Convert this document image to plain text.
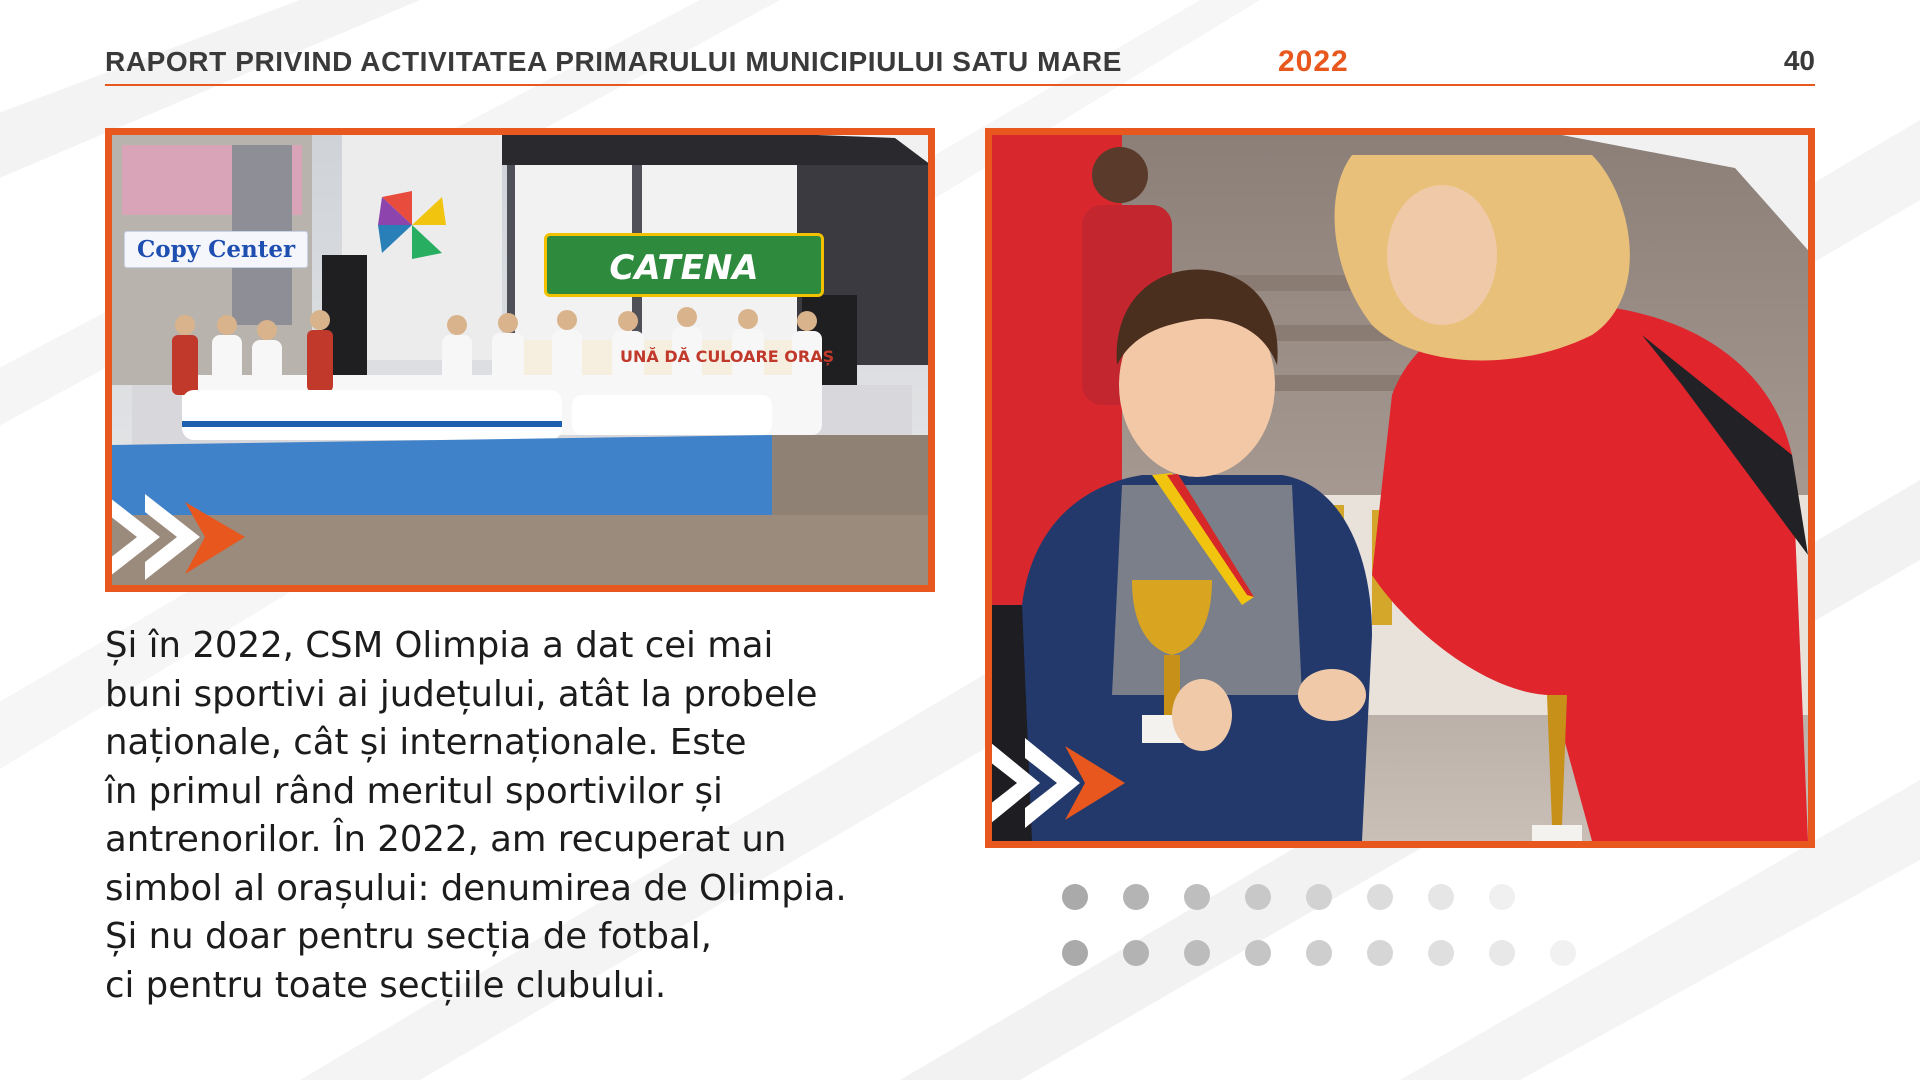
RAPORT PRIVIND ACTIVITATEA PRIMARULUI MUNICIPIULUI SATU MARE	2022	40
Copy Center	CATENA
UNĂ DĂ CULOARE ORAȘ
Și în 2022, CSM Olimpia a dat cei mai
buni sportivi ai județului, atât la probele
naționale, cât și internaționale. Este
în primul rând meritul sportivilor și
antrenorilor. În 2022, am recuperat un
simbol al orașului: denumirea de Olimpia.
Și nu doar pentru secția de fotbal,
ci pentru toate secțiile clubului.
